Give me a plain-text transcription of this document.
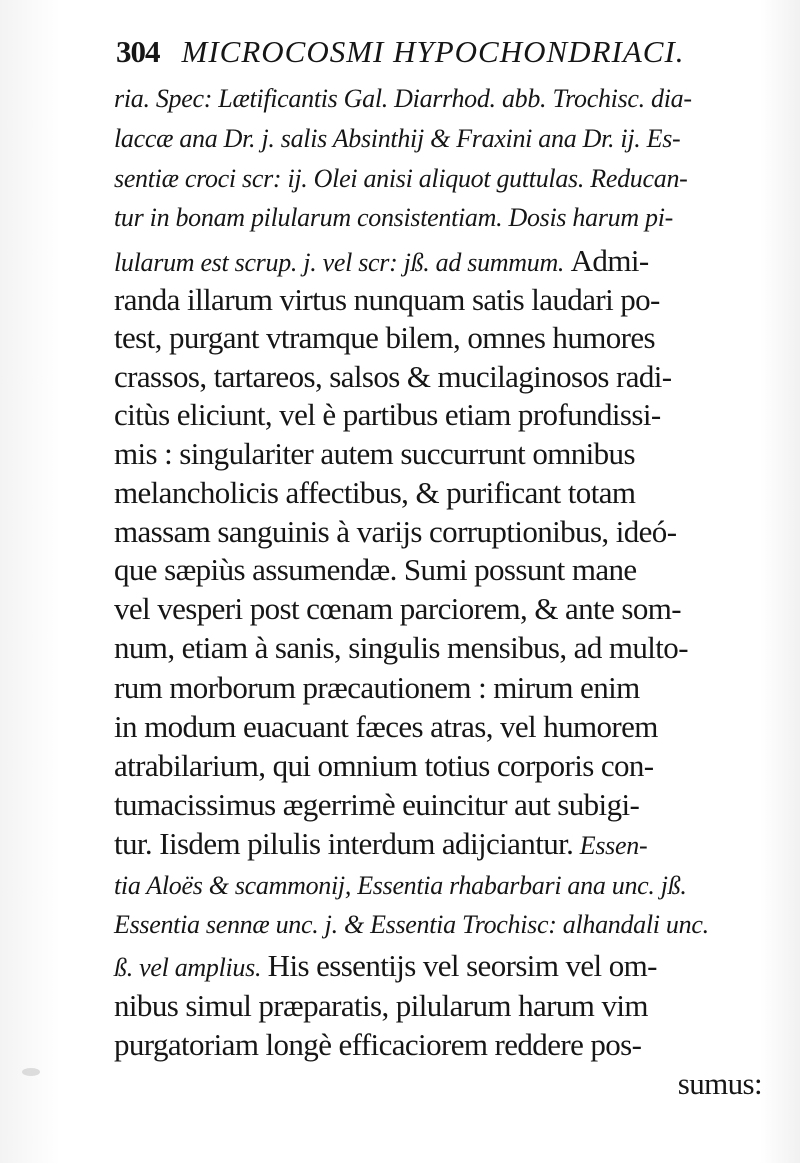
304 MICROCOSMI HYPOCHONDRIACI.
ria. Spec: Lætificantis Gal. Diarrhod. abb. Trochisc. dia-
laccæ ana Dr. j. salis Absinthij & Fraxini ana Dr. ij. Es-
sentiæ croci scr: ij. Olei anisi aliquot guttulas. Reducan-
tur in bonam pilularum consistentiam. Dosis harum pi-
lularum est scrup. j. vel scr: jß. ad summum. Admi-
randa illarum virtus nunquam satis laudari po-
test, purgant vtramque bilem, omnes humores
crassos, tartareos, salsos & mucilaginosos radi-
citùs eliciunt, vel è partibus etiam profundissi-
mis : singulariter autem succurrunt omnibus
melancholicis affectibus, & purificant totam
massam sanguinis à varijs corruptionibus, ideó-
que sæpiùs assumendæ. Sumi possunt mane
vel vesperi post cœnam parciorem, & ante som-
num, etiam à sanis, singulis mensibus, ad multo-
rum morborum præcautionem : mirum enim
in modum euacuant fæces atras, vel humorem
atrabilarium, qui omnium totius corporis con-
tumacissimus ægerrimè euincitur aut subigi-
tur. Iisdem pilulis interdum adijciantur. Essen-
tia Aloës & scammonij, Essentia rhabarbari ana unc. jß.
Essentia sennæ unc. j. & Essentia Trochisc: alhandali unc.
ß. vel amplius. His essentijs vel seorsim vel om-
nibus simul præparatis, pilularum harum vim
purgatoriam longè efficaciorem reddere pos-
sumus:
